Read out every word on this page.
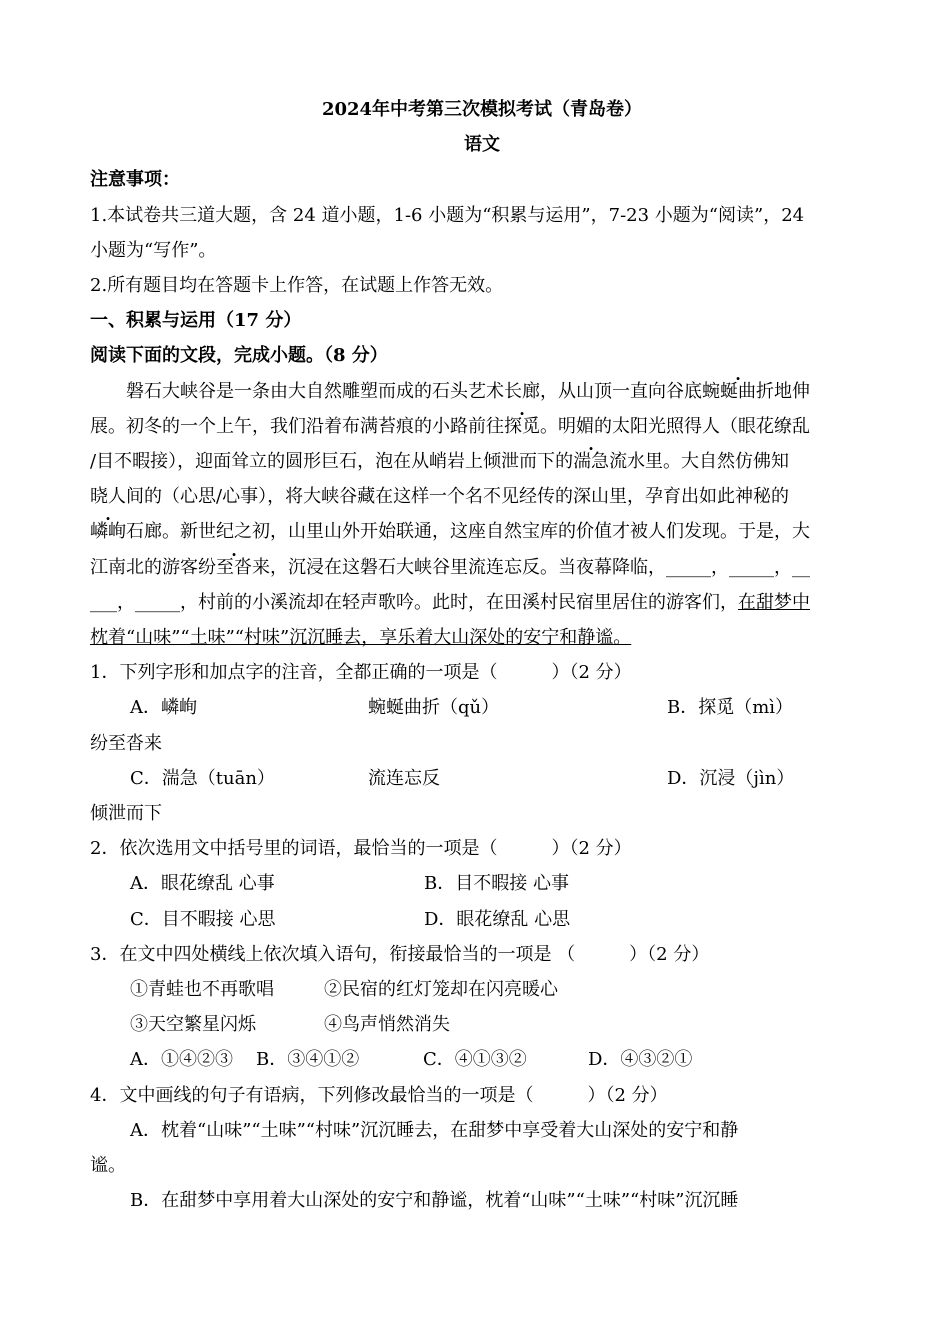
2024年中考第三次模拟考试（青岛卷）
语文
注意事项：
1.本试卷共三道大题，含 24 道小题，1-6 小题为“积累与运用”，7-23 小题为“阅读”，24
小题为“写作”。
2.所有题目均在答题卡上作答，在试题上作答无效。
一、积累与运用（17 分）
阅读下面的文段，完成小题。（8 分）
磐石大峡谷是一条由大自然雕塑而成的石头艺术长廊，从山顶一直向谷底蜿蜒曲折地伸
展。初冬的一个上午，我们沿着布满苔痕的小路前往探觅。明媚的太阳光照得人（眼花缭乱
/目不暇接），迎面耸立的圆形巨石，泡在从峭岩上倾泄而下的湍急流水里。大自然仿佛知
晓人间的（心思/心事），将大峡谷藏在这样一个名不见经传的深山里，孕育出如此神秘的
嶙峋石廊。新世纪之初，山里山外开始联通，这座自然宝库的价值才被人们发现。于是，大
江南北的游客纷至沓来，沉浸在这磐石大峡谷里流连忘反。当夜幕降临，_____，_____，__
___，_____，村前的小溪流却在轻声歌吟。此时，在田溪村民宿里居住的游客们，在甜梦中
枕着“山味”“土味”“村味”沉沉睡去，享乐着大山深处的安宁和静谧。
1．下列字形和加点字的注音，全都正确的一项是（　　　）（2 分）
A．嶙峋	蜿蜒曲折（qǔ）	B．探觅（mì）
纷至沓来
C．湍急（tuān）	流连忘反	D．沉浸（jìn）
倾泄而下
2．依次选用文中括号里的词语，最恰当的一项是（　　　）（2 分）
A．眼花缭乱 心事	B．目不暇接 心事
C．目不暇接 心思	D．眼花缭乱 心思
3．在文中四处横线上依次填入语句，衔接最恰当的一项是 （　　　）（2 分）
①青蛙也不再歌唱	②民宿的红灯笼却在闪亮暖心
③天空繁星闪烁	④鸟声悄然消失
A．①④②③ B．③④①②	C．④①③②	D．④③②①
4．文中画线的句子有语病，下列修改最恰当的一项是（　　　）（2 分）
A．枕着“山味”“土味”“村味”沉沉睡去，在甜梦中享受着大山深处的安宁和静
谧。
B．在甜梦中享用着大山深处的安宁和静谧，枕着“山味”“土味”“村味”沉沉睡
